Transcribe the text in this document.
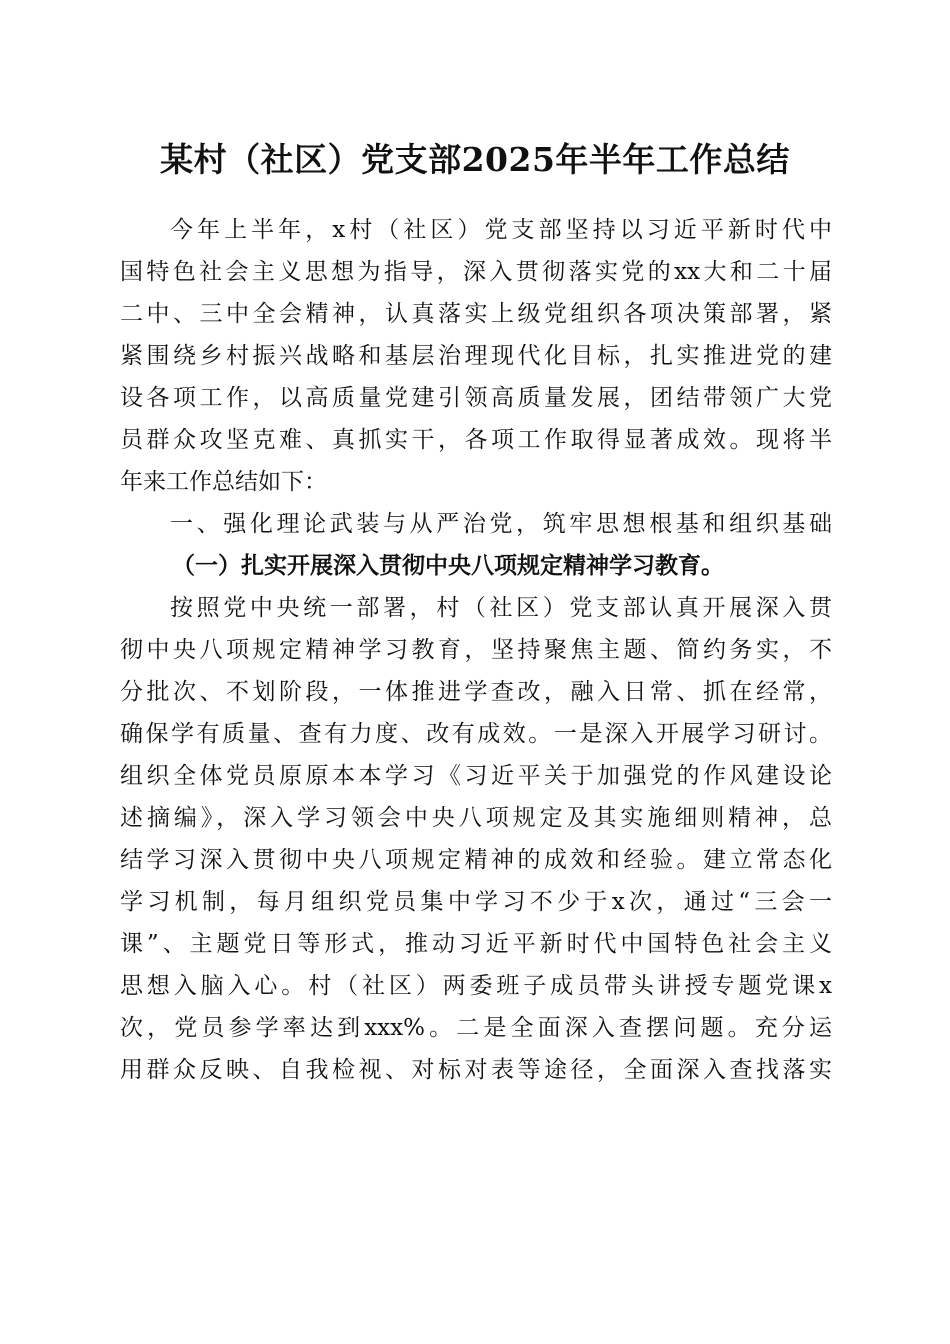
某村（社区）党支部2025年半年工作总结

今年上半年，x村（社区）党支部坚持以习近平新时代中

国特色社会主义思想为指导，深入贯彻落实党的xx大和二十届

二中、三中全会精神，认真落实上级党组织各项决策部署，紧

紧围绕乡村振兴战略和基层治理现代化目标，扎实推进党的建

设各项工作，以高质量党建引领高质量发展，团结带领广大党

员群众攻坚克难、真抓实干，各项工作取得显著成效。现将半

年来工作总结如下：

一、强化理论武装与从严治党，筑牢思想根基和组织基础

（一）扎实开展深入贯彻中央八项规定精神学习教育。

按照党中央统一部署，村（社区）党支部认真开展深入贯

彻中央八项规定精神学习教育，坚持聚焦主题、简约务实，不

分批次、不划阶段，一体推进学查改，融入日常、抓在经常，

确保学有质量、查有力度、改有成效。一是深入开展学习研讨。

组织全体党员原原本本学习《习近平关于加强党的作风建设论

述摘编》，深入学习领会中央八项规定及其实施细则精神，总

结学习深入贯彻中央八项规定精神的成效和经验。建立常态化

学习机制，每月组织党员集中学习不少于x次，通过“三会一

课”、主题党日等形式，推动习近平新时代中国特色社会主义

思想入脑入心。村（社区）两委班子成员带头讲授专题党课x

次，党员参学率达到xxx%。二是全面深入查摆问题。充分运

用群众反映、自我检视、对标对表等途径，全面深入查找落实
